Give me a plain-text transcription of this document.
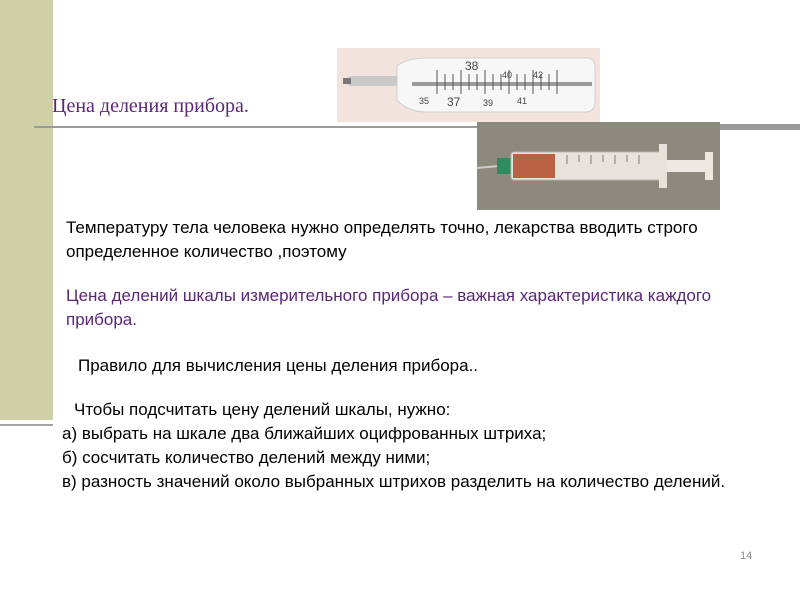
Цена деления прибора.
38
40 42
35 37	39	41

Температуру тела человека нужно определять точно, лекарства вводить строго определенное количество ,поэтому

Цена делений шкалы измерительного прибора – важная характеристика каждого прибора.

Правило для вычисления цены деления прибора..

Чтобы подсчитать цену делений шкалы, нужно:

а) выбрать на шкале два ближайших оцифрованных штриха;

б) сосчитать количество делений между ними;

в) разность значений около выбранных штрихов разделить на количество делений.

14
